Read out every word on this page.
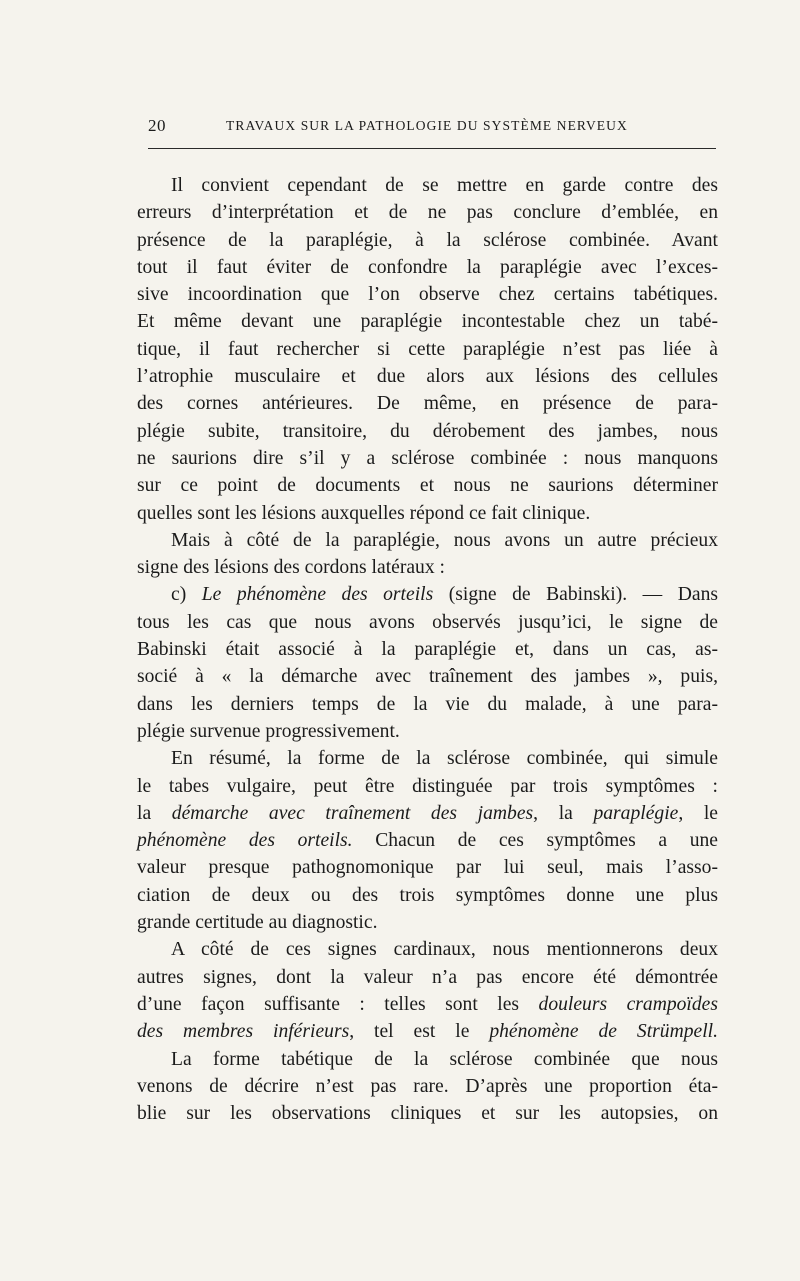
20	TRAVAUX SUR LA PATHOLOGIE DU SYSTÈME NERVEUX
Il convient cependant de se mettre en garde contre des
erreurs d’interprétation et de ne pas conclure d’emblée, en
présence de la paraplégie, à la sclérose combinée. Avant
tout il faut éviter de confondre la paraplégie avec l’exces-
sive incoordination que l’on observe chez certains tabétiques.
Et même devant une paraplégie incontestable chez un tabé-
tique, il faut rechercher si cette paraplégie n’est pas liée à
l’atrophie musculaire et due alors aux lésions des cellules
des cornes antérieures. De même, en présence de para-
plégie subite, transitoire, du dérobement des jambes, nous
ne saurions dire s’il y a sclérose combinée : nous manquons
sur ce point de documents et nous ne saurions déterminer
quelles sont les lésions auxquelles répond ce fait clinique.
Mais à côté de la paraplégie, nous avons un autre précieux
signe des lésions des cordons latéraux :
c) Le phénomène des orteils (signe de Babinski). — Dans
tous les cas que nous avons observés jusqu’ici, le signe de
Babinski était associé à la paraplégie et, dans un cas, as-
socié à « la démarche avec traînement des jambes », puis,
dans les derniers temps de la vie du malade, à une para-
plégie survenue progressivement.
En résumé, la forme de la sclérose combinée, qui simule
le tabes vulgaire, peut être distinguée par trois symptômes :
la démarche avec traînement des jambes, la paraplégie, le
phénomène des orteils. Chacun de ces symptômes a une
valeur presque pathognomonique par lui seul, mais l’asso-
ciation de deux ou des trois symptômes donne une plus
grande certitude au diagnostic.
A côté de ces signes cardinaux, nous mentionnerons deux
autres signes, dont la valeur n’a pas encore été démontrée
d’une façon suffisante : telles sont les douleurs crampoïdes
des membres inférieurs, tel est le phénomène de Strümpell.
La forme tabétique de la sclérose combinée que nous
venons de décrire n’est pas rare. D’après une proportion éta-
blie sur les observations cliniques et sur les autopsies, on
